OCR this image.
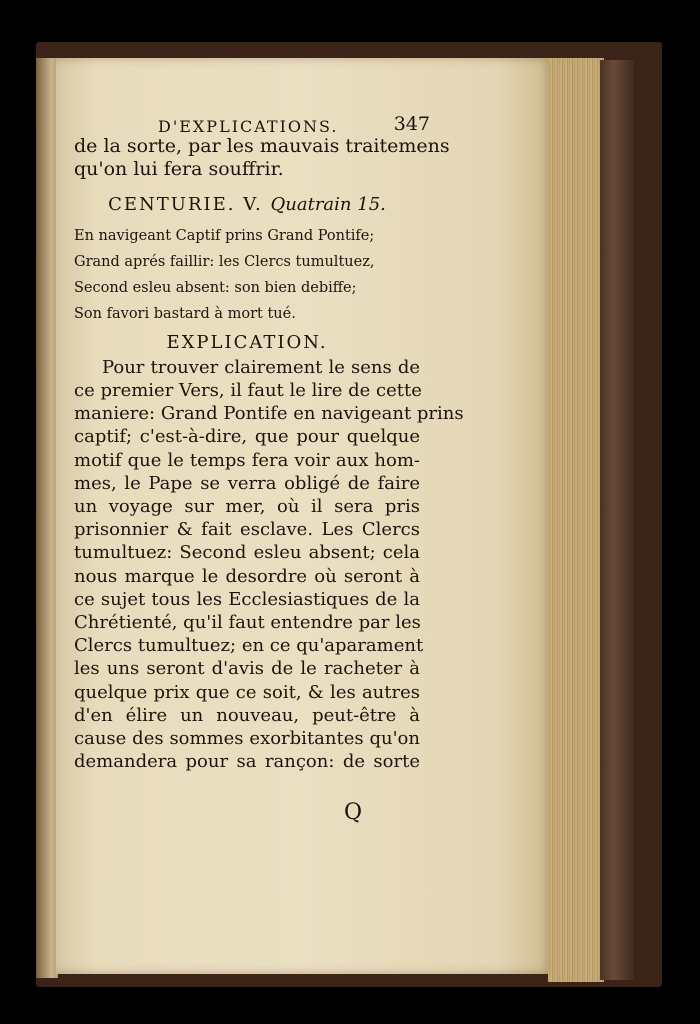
D'EXPLICATIONS.	347
de la sorte, par les mauvais traitemens
qu'on lui fera souffrir.
CENTURIE. V. Quatrain 15.
En navigeant Captif prins Grand Pontife;
Grand aprés faillir: les Clercs tumultuez,
Second esleu absent: son bien debiffe;
Son favori bastard à mort tué.
EXPLICATION.
Pour trouver clairement le sens de
ce premier Vers, il faut le lire de cette
maniere: Grand Pontife en navigeant prins
captif; c'est-à-dire, que pour quelque
motif que le temps fera voir aux hom-
mes, le Pape se verra obligé de faire
un voyage sur mer, où il sera pris
prisonnier & fait esclave. Les Clercs
tumultuez: Second esleu absent; cela
nous marque le desordre où seront à
ce sujet tous les Ecclesiastiques de la
Chrétienté, qu'il faut entendre par les
Clercs tumultuez; en ce qu'aparament
les uns seront d'avis de le racheter à
quelque prix que ce soit, & les autres
d'en élire un nouveau, peut-être à
cause des sommes exorbitantes qu'on
demandera pour sa rançon: de sorte
Q
